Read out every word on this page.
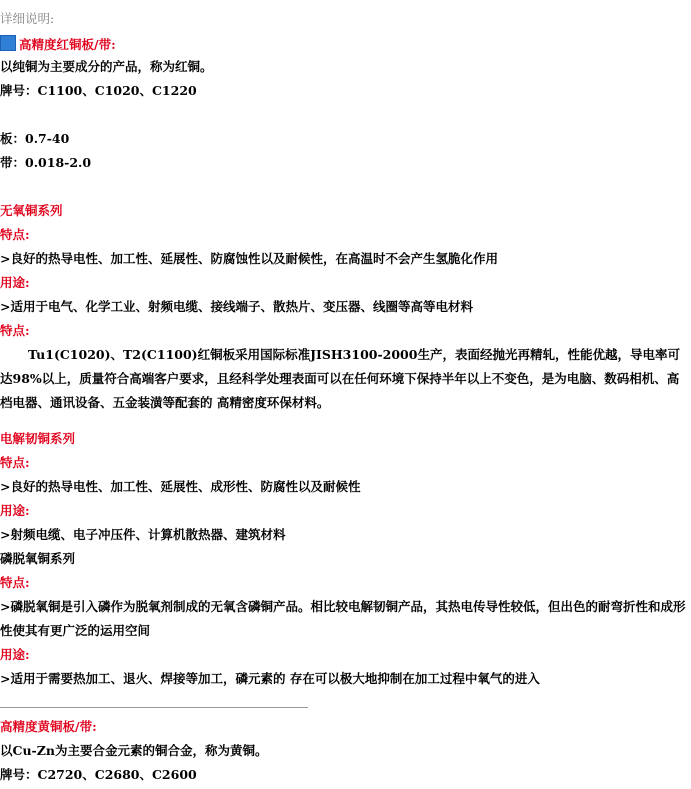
详细说明:
高精度红铜板/带:
以纯铜为主要成分的产品，称为红铜。
牌号：C1100、C1020、C1220
板：0.7-40
带：0.018-2.0
无氧铜系列
特点:
>良好的热导电性、加工性、延展性、防腐蚀性以及耐候性，在高温时不会产生氢脆化作用
用途:
>适用于电气、化学工业、射频电缆、接线端子、散热片、变压器、线圈等高等电材料
特点:
Tu1(C1020)、T2(C1100)红铜板采用国际标准JISH3100-2000生产，表面经抛光再精轧，性能优越，导电率可达98%以上，质量符合高端客户要求，且经科学处理表面可以在任何环境下保持半年以上不变色，是为电脑、数码相机、高档电器、通讯设备、五金装潢等配套的 高精密度环保材料。
电解韧铜系列
特点:
>良好的热导电性、加工性、延展性、成形性、防腐性以及耐候性
用途:
>射频电缆、电子冲压件、计算机散热器、建筑材料
磷脱氧铜系列
特点:
>磷脱氧铜是引入磷作为脱氧剂制成的无氧含磷铜产品。相比较电解韧铜产品，其热电传导性较低，但出色的耐弯折性和成形性使其有更广泛的运用空间
用途:
>适用于需要热加工、退火、焊接等加工，磷元素的 存在可以极大地抑制在加工过程中氧气的进入
高精度黄铜板/带:
以Cu-Zn为主要合金元素的铜合金，称为黄铜。
牌号：C2720、C2680、C2600
